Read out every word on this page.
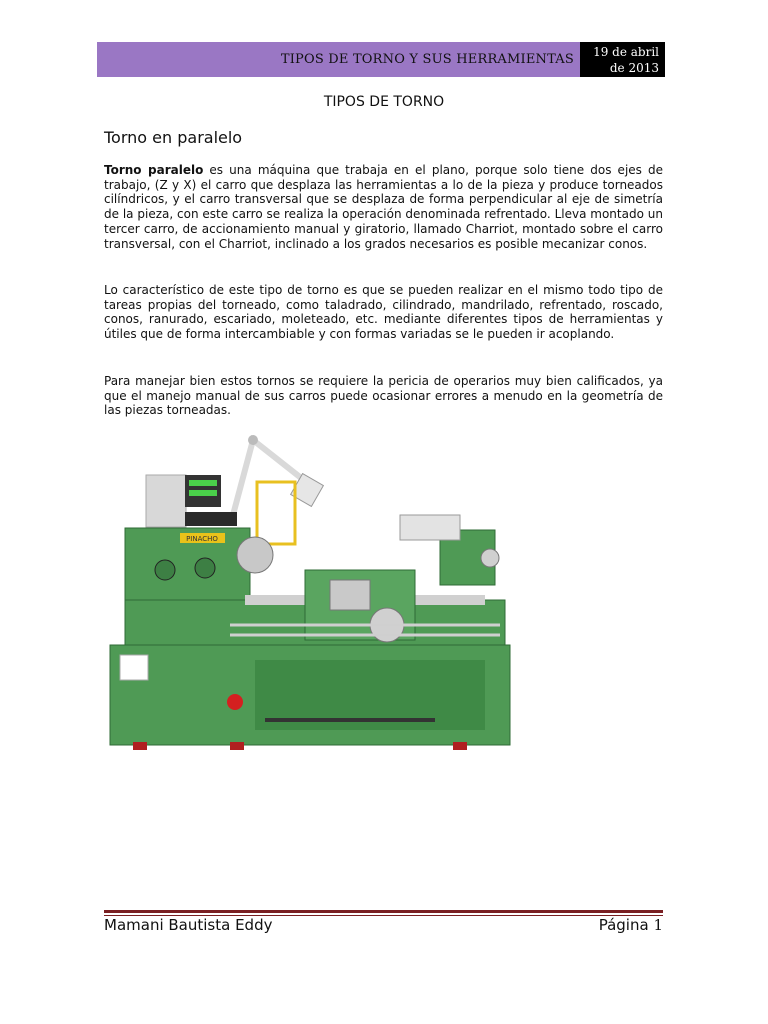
TIPOS DE TORNO Y SUS HERRAMIENTAS	19 de abril
de 2013
TIPOS DE TORNO
Torno en paralelo

Torno paralelo es una máquina que trabaja en el plano, porque solo tiene dos ejes de trabajo, (Z y X) el carro que desplaza las herramientas a lo de la pieza y produce torneados cilíndricos, y el carro transversal que se desplaza de forma perpendicular al eje de simetría de la pieza, con este carro se realiza la operación denominada refrentado. Lleva montado un tercer carro, de accionamiento manual y giratorio, llamado Charriot, montado sobre el carro transversal, con el Charriot, inclinado a los grados necesarios es posible mecanizar conos.

Lo característico de este tipo de torno es que se pueden realizar en el mismo todo tipo de tareas propias del torneado, como taladrado, cilindrado, mandrilado, refrentado, roscado, conos, ranurado, escariado, moleteado, etc. mediante diferentes tipos de herramientas y útiles que de forma intercambiable y con formas variadas se le pueden ir acoplando.

Para manejar bien estos tornos se requiere la pericia de operarios muy bien calificados, ya que el manejo manual de sus carros puede ocasionar errores a menudo en la geometría de las piezas torneadas.

PINACHO
Mamani Bautista Eddy	Página 1
